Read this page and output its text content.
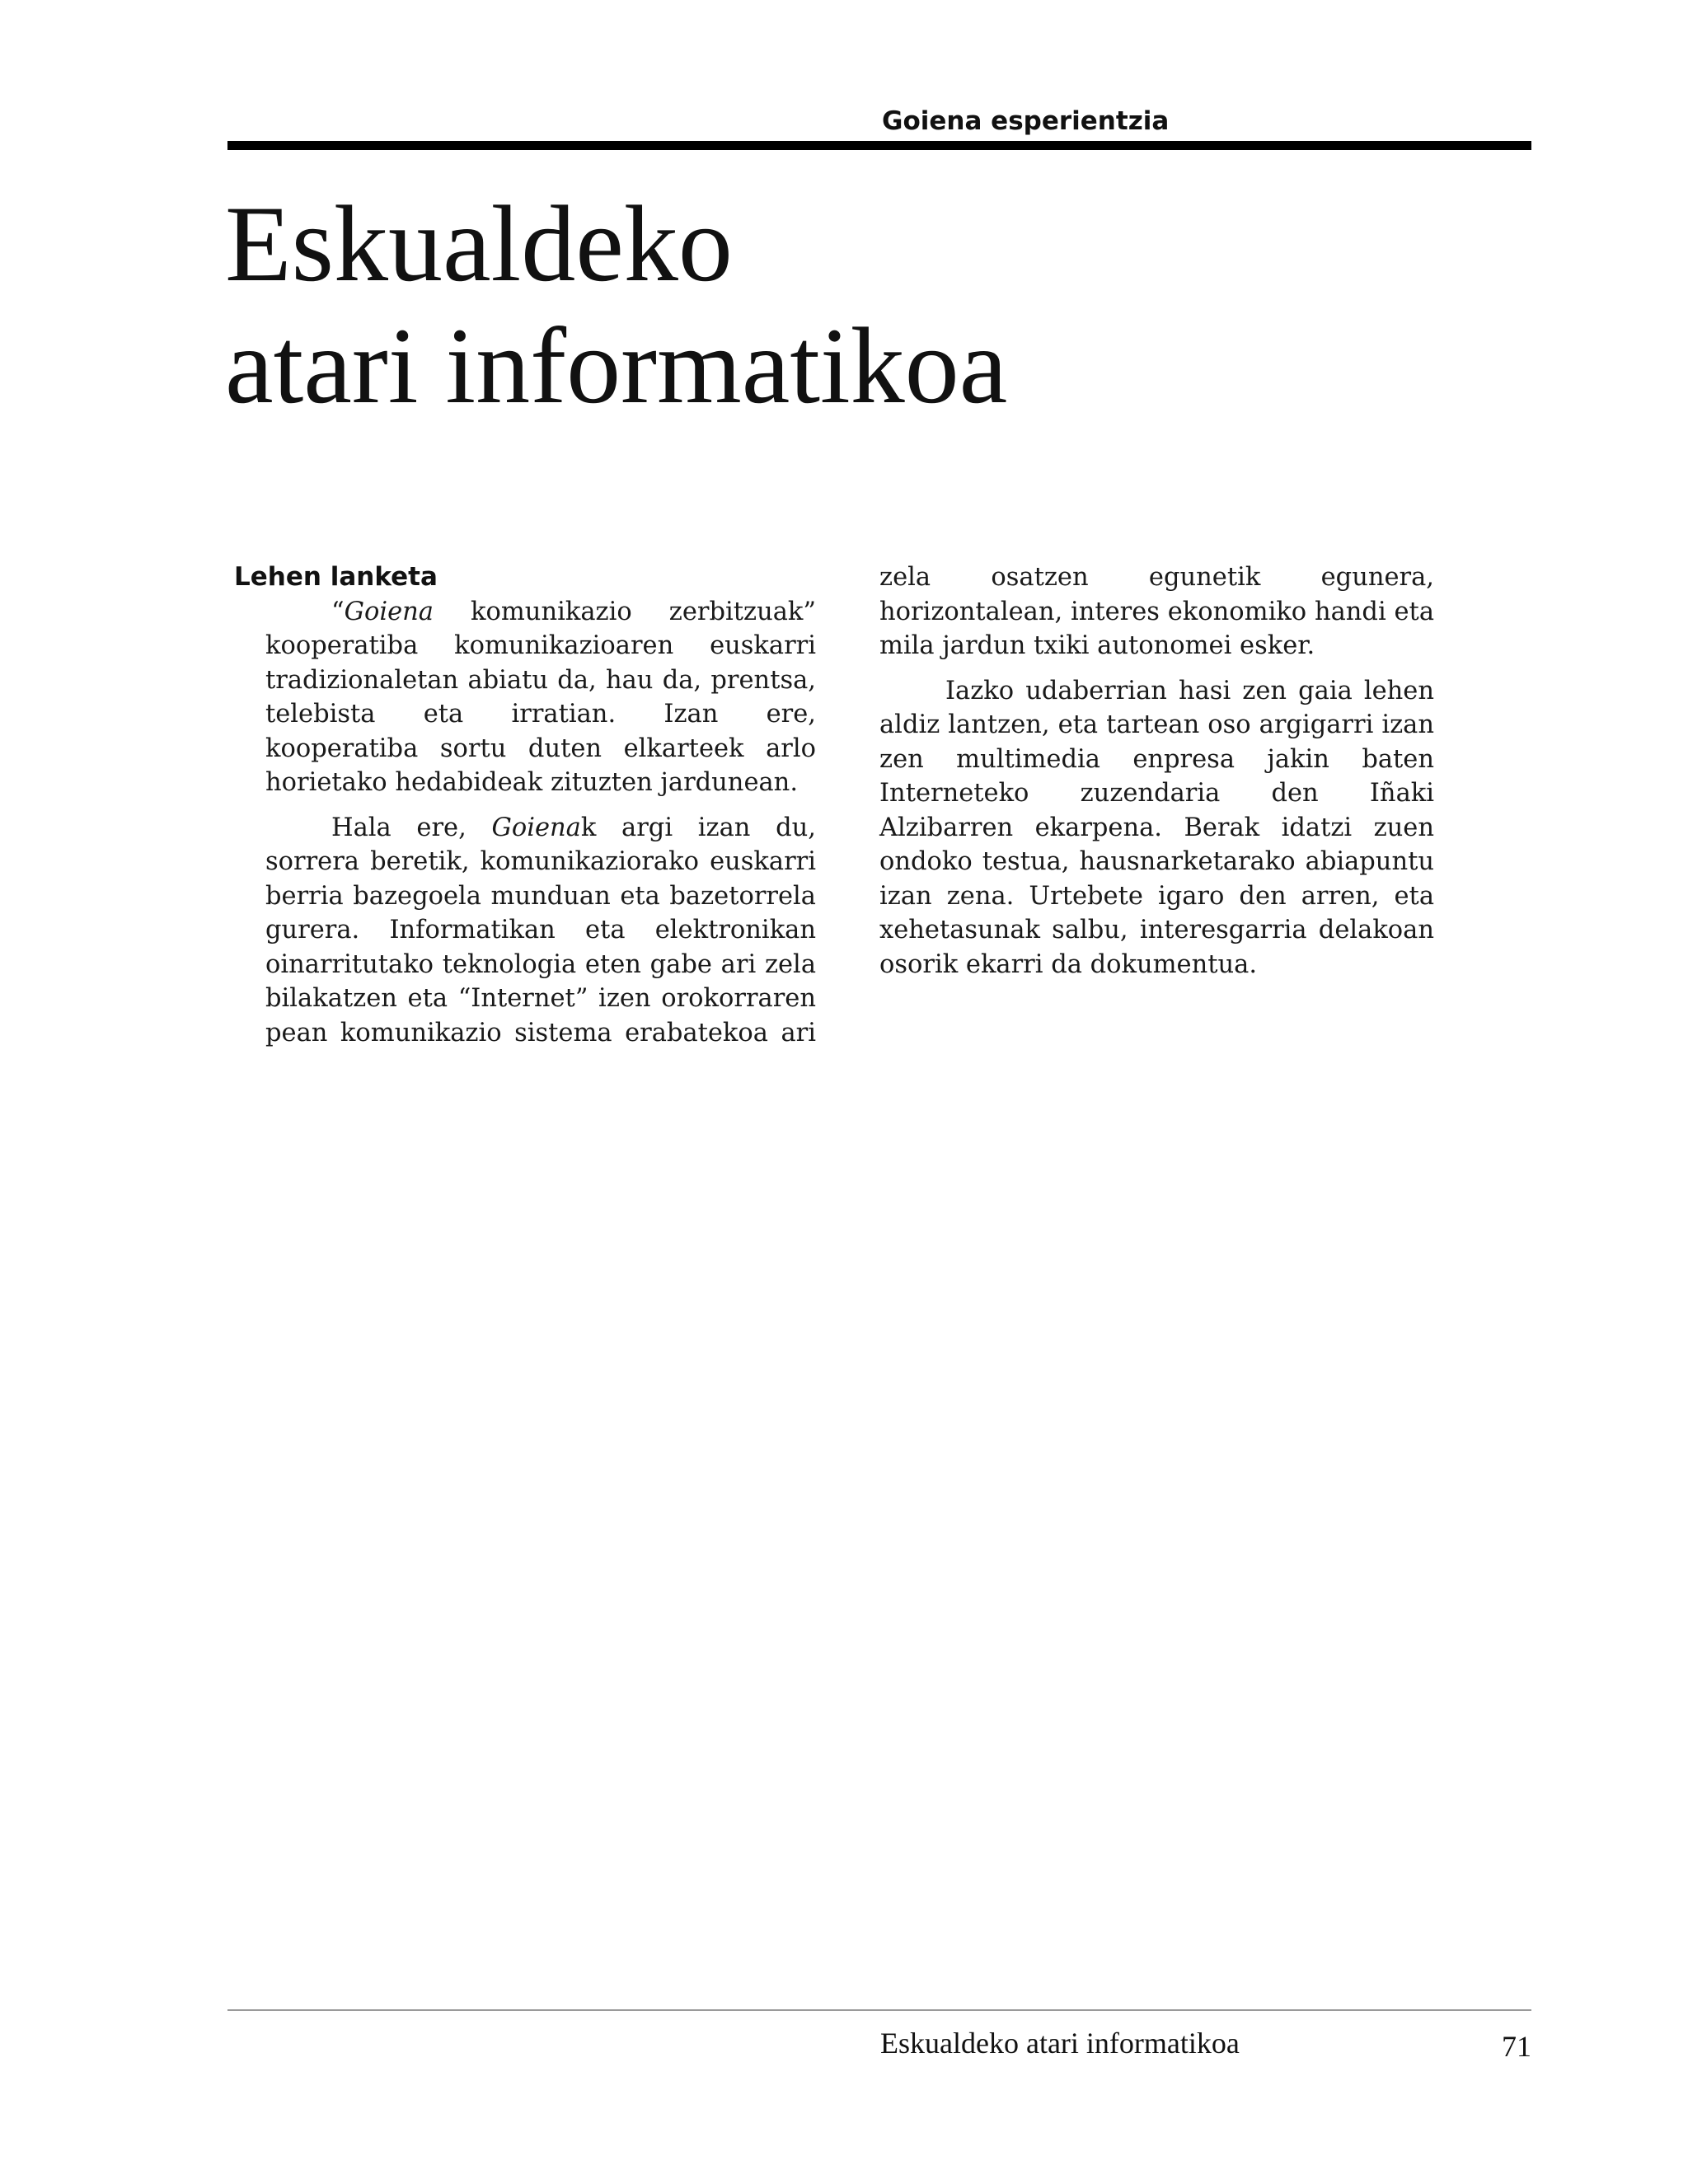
Goiena esperientzia
Eskualdeko
atari informatikoa
Lehen lanketa

“Goiena komunikazio zerbitzuak” kooperatiba komunikazioaren euskarri tradizionaletan abiatu da, hau da, prentsa, telebista eta irratian. Izan ere, kooperatiba sortu duten elkarteek arlo horietako hedabideak zituzten jardunean.

Hala ere, Goienak argi izan du, sorrera beretik, komunikaziorako euskarri berria bazegoela munduan eta bazetorrela gurera. Informatikan eta elektronikan oinarritutako teknologia eten gabe ari zela bilakatzen eta “Internet” izen orokorraren pean komunikazio sistema erabatekoa ari

zela osatzen egunetik egunera, horizontalean, interes ekonomiko handi eta mila jardun txiki autonomei esker.

Iazko udaberrian hasi zen gaia lehen aldiz lantzen, eta tartean oso argigarri izan zen multimedia enpresa jakin baten Interneteko zuzendaria den Iñaki Alzibarren ekarpena. Berak idatzi zuen ondoko testua, hausnarketarako abiapuntu izan zena. Urtebete igaro den arren, eta xehetasunak salbu, interesgarria delakoan osorik ekarri da dokumentua.

Eskualdeko atari informatikoa	71
